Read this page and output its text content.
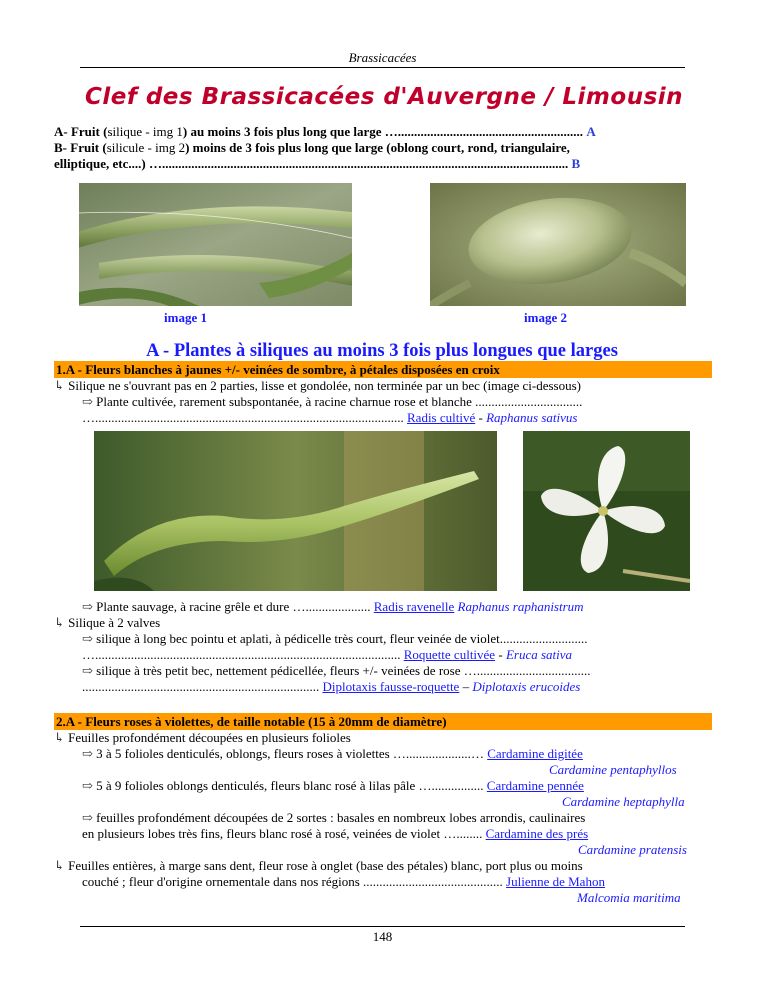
Brassicacées
Clef des Brassicacées d'Auvergne / Limousin
A- Fruit (silique - img 1) au moins 3 fois plus long que large …......................................................... A
B- Fruit (silicule - img 2) moins de 3 fois plus long que large (oblong court, rond, triangulaire,
elliptique, etc....) …............................................................................................................................. B
image 1	image 2
A - Plantes à siliques au moins 3 fois plus longues que larges
1.A - Fleurs blanches à jaunes +/- veinées de sombre, à pétales disposées en croix
↳ Silique ne s'ouvrant pas en 2 parties, lisse et gondolée, non terminée par un bec (image ci-dessous)
⇨ Plante cultivée, rarement subspontanée, à racine charnue rose et blanche .................................
…............................................................................................... Radis cultivé - Raphanus sativus
⇨ Plante sauvage, à racine grêle et dure ….................... Radis ravenelle Raphanus raphanistrum
↳ Silique à 2 valves
⇨ silique à long bec pointu et aplati, à pédicelle très court, fleur veinée de violet...........................
….............................................................................................. Roquette cultivée - Eruca sativa
⇨ silique à très petit bec, nettement pédicellée, fleurs +/- veinées de rose …...................................
......................................................................... Diplotaxis fausse-roquette – Diplotaxis erucoides
2.A - Fleurs roses à violettes, de taille notable (15 à 20mm de diamètre)
↳ Feuilles profondément découpées en plusieurs folioles
⇨ 3 à 5 folioles denticulés, oblongs, fleurs roses à violettes …....................… Cardamine digitée
Cardamine pentaphyllos
⇨ 5 à 9 folioles oblongs denticulés, fleurs blanc rosé à lilas pâle …................ Cardamine pennée
Cardamine heptaphylla
⇨ feuilles profondément découpées de 2 sortes : basales en nombreux lobes arrondis, caulinaires
en plusieurs lobes très fins, fleurs blanc rosé à rosé, veinées de violet …........ Cardamine des prés
Cardamine pratensis
↳ Feuilles entières, à marge sans dent, fleur rose à onglet (base des pétales) blanc, port plus ou moins
couché ; fleur d'origine ornementale dans nos régions ........................................... Julienne de Mahon
Malcomia maritima
148
